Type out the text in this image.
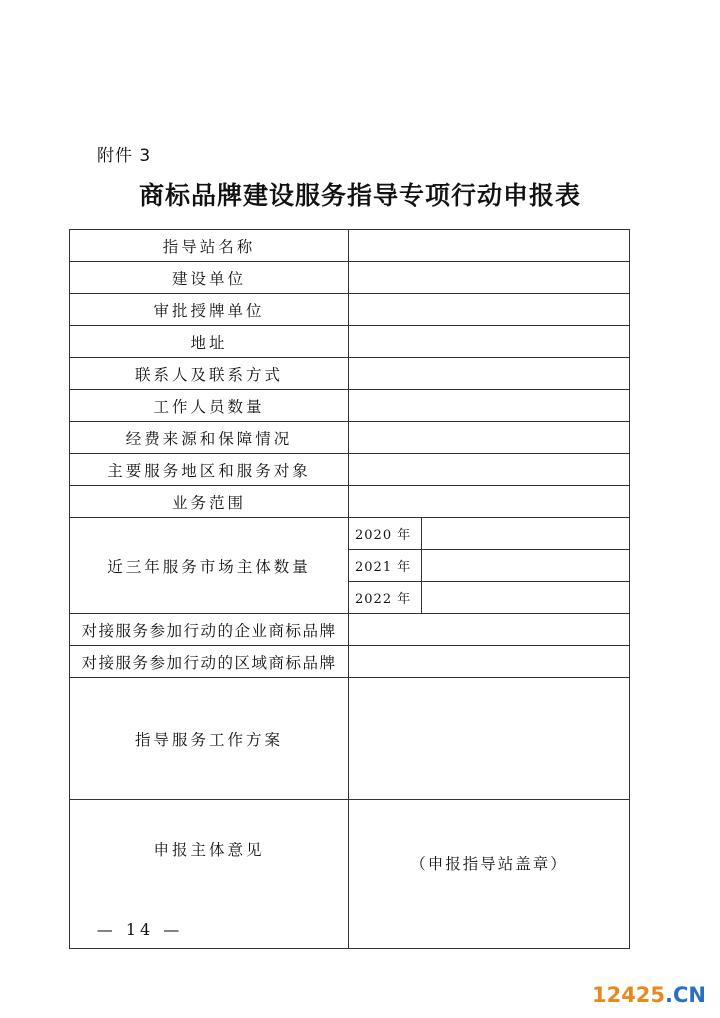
附件 3
商标品牌建设服务指导专项行动申报表
指导站名称		
建设单位		
审批授牌单位		
地址		
联系人及联系方式		
工作人员数量		
经费来源和保障情况		
主要服务地区和服务对象		
业务范围		
近三年服务市场主体数量	2020 年	
	2021 年	
	2022 年	
对接服务参加行动的企业商标品牌		
对接服务参加行动的区域商标品牌		
指导服务工作方案		
申报主体意见	（申报指导站盖章）	
— 14 —
12425.CN
